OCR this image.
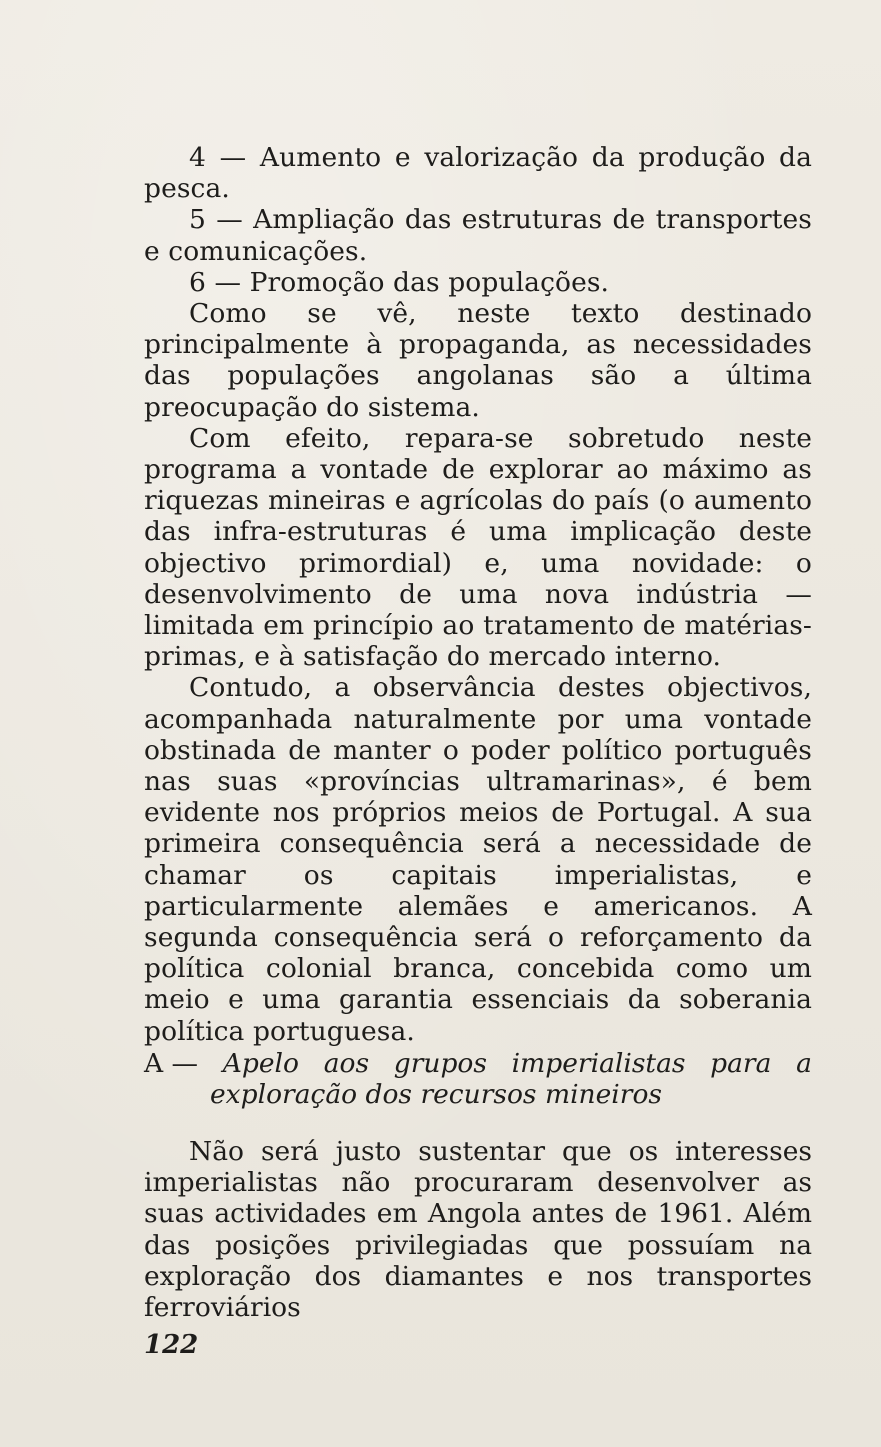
4 — Aumento e valorização da produção da pesca.

5 — Ampliação das estruturas de transportes e comunicações.

6 — Promoção das populações.

Como se vê, neste texto destinado principalmente à propaganda, as necessidades das populações angolanas são a última preocupação do sistema.

Com efeito, repara-se sobretudo neste programa a vontade de explorar ao máximo as riquezas mineiras e agrícolas do país (o aumento das infra-estruturas é uma implicação deste objectivo primordial) e, uma novidade: o desenvolvimento de uma nova indústria — limitada em princípio ao tratamento de matérias-primas, e à satisfação do mercado interno.

Contudo, a observância destes objectivos, acompanhada naturalmente por uma vontade obstinada de manter o poder político português nas suas «províncias ultramarinas», é bem evidente nos próprios meios de Portugal. A sua primeira consequência será a necessidade de chamar os capitais imperialistas, e particularmente alemães e americanos. A segunda consequência será o reforçamento da política colonial branca, concebida como um meio e uma garantia essenciais da soberania política portuguesa.

A — Apelo aos grupos imperialistas para a
exploração dos recursos mineiros

Não será justo sustentar que os interesses imperialistas não procuraram desenvolver as suas actividades em Angola antes de 1961. Além das posições privilegiadas que possuíam na exploração dos diamantes e nos transportes ferroviários

122
